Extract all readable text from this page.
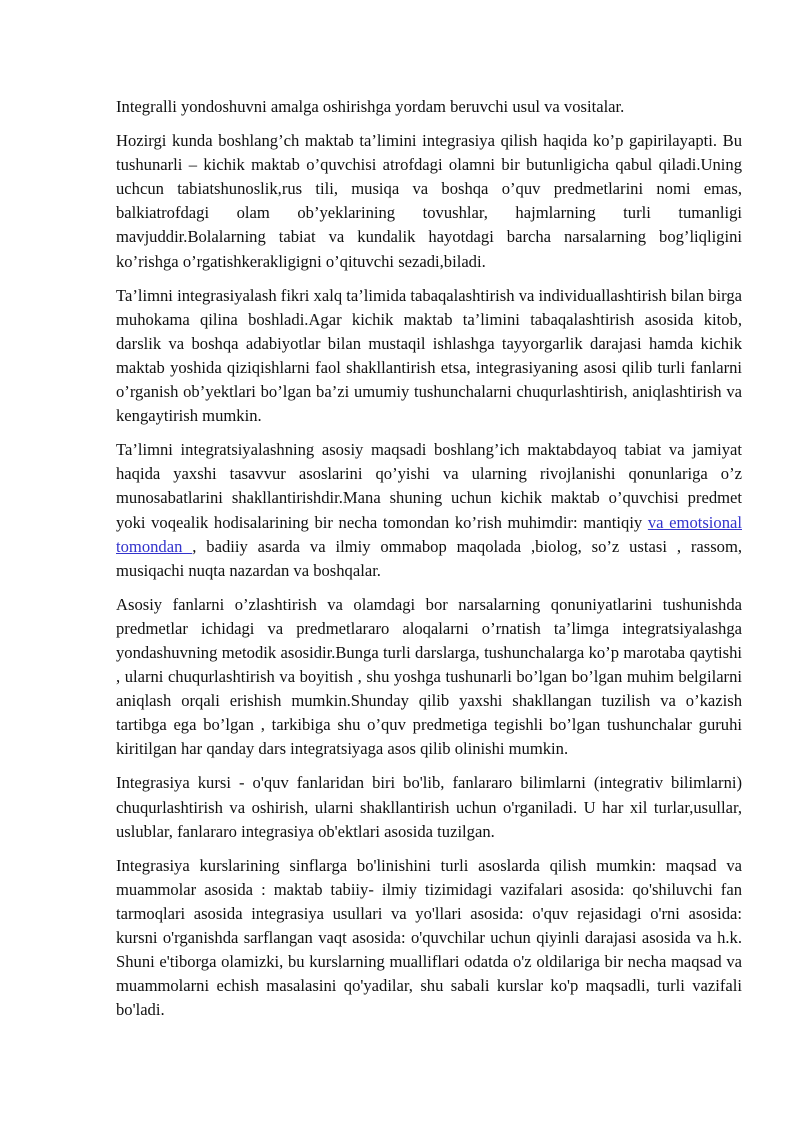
Integralli yondoshuvni amalga oshirishga yordam beruvchi usul va vositalar.

Hozirgi kunda boshlang’ch maktab ta’limini integrasiya qilish haqida ko’p gapirilayapti. Bu tushunarli – kichik maktab o’quvchisi atrofdagi olamni bir butunligicha qabul qiladi.Uning uchcun tabiatshunoslik,rus tili, musiqa va boshqa o’quv predmetlarini nomi emas, balkiatrofdagi olam ob’yeklarining tovushlar, hajmlarning turli tumanligi mavjuddir.Bolalarning tabiat va kundalik hayotdagi barcha narsalarning bog’liqligini ko’rishga o’rgatishkerakligigni o’qituvchi sezadi,biladi.

Ta’limni integrasiyalash fikri xalq ta’limida tabaqalashtirish va individuallashtirish bilan birga muhokama qilina boshladi.Agar kichik maktab ta’limini tabaqalashtirish asosida kitob, darslik va boshqa adabiyotlar bilan mustaqil ishlashga tayyorgarlik darajasi hamda kichik maktab yoshida qiziqishlarni faol shakllantirish etsa, integrasiyaning asosi qilib turli fanlarni o’rganish ob’yektlari bo’lgan ba’zi umumiy tushunchalarni chuqurlashtirish, aniqlashtirish va kengaytirish mumkin.

Ta’limni integratsiyalashning asosiy maqsadi boshlang’ich maktabdayoq tabiat va jamiyat haqida yaxshi tasavvur asoslarini qo’yishi va ularning rivojlanishi qonunlariga o’z munosabatlarini shakllantirishdir.Mana shuning uchun kichik maktab o’quvchisi predmet yoki voqealik hodisalarining bir necha tomondan ko’rish muhimdir: mantiqiy va emotsional tomondan , badiiy asarda va ilmiy ommabop maqolada ,biolog, so’z ustasi , rassom, musiqachi nuqta nazardan va boshqalar.

Asosiy fanlarni o’zlashtirish va olamdagi bor narsalarning qonuniyatlarini tushunishda predmetlar ichidagi va predmetlararo aloqalarni o’rnatish ta’limga integratsiyalashga yondashuvning metodik asosidir.Bunga turli darslarga, tushunchalarga ko’p marotaba qaytishi , ularni chuqurlashtirish va boyitish , shu yoshga tushunarli bo’lgan bo’lgan muhim belgilarni aniqlash orqali erishish mumkin.Shunday qilib yaxshi shakllangan tuzilish va o’kazish tartibga ega bo’lgan , tarkibiga shu o’quv predmetiga tegishli bo’lgan tushunchalar guruhi kiritilgan har qanday dars integratsiyaga asos qilib olinishi mumkin.

Integrasiya kursi - o'quv fanlaridan biri bo'lib, fanlararo bilimlarni (integrativ bilimlarni) chuqurlashtirish va oshirish, ularni shakllantirish uchun o'rganiladi. U har xil turlar,usullar, uslublar, fanlararo integrasiya ob'ektlari asosida tuzilgan.

Integrasiya kurslarining sinflarga bo'linishini turli asoslarda qilish mumkin: maqsad va muammolar asosida : maktab tabiiy- ilmiy tizimidagi vazifalari asosida: qo'shiluvchi fan tarmoqlari asosida integrasiya usullari va yo'llari asosida: o'quv rejasidagi o'rni asosida: kursni o'rganishda sarflangan vaqt asosida: o'quvchilar uchun qiyinli darajasi asosida va h.k. Shuni e'tiborga olamizki, bu kurslarning mualliflari odatda o'z oldilariga bir necha maqsad va muammolarni echish masalasini qo'yadilar, shu sabali kurslar ko'p maqsadli, turli vazifali bo'ladi.
